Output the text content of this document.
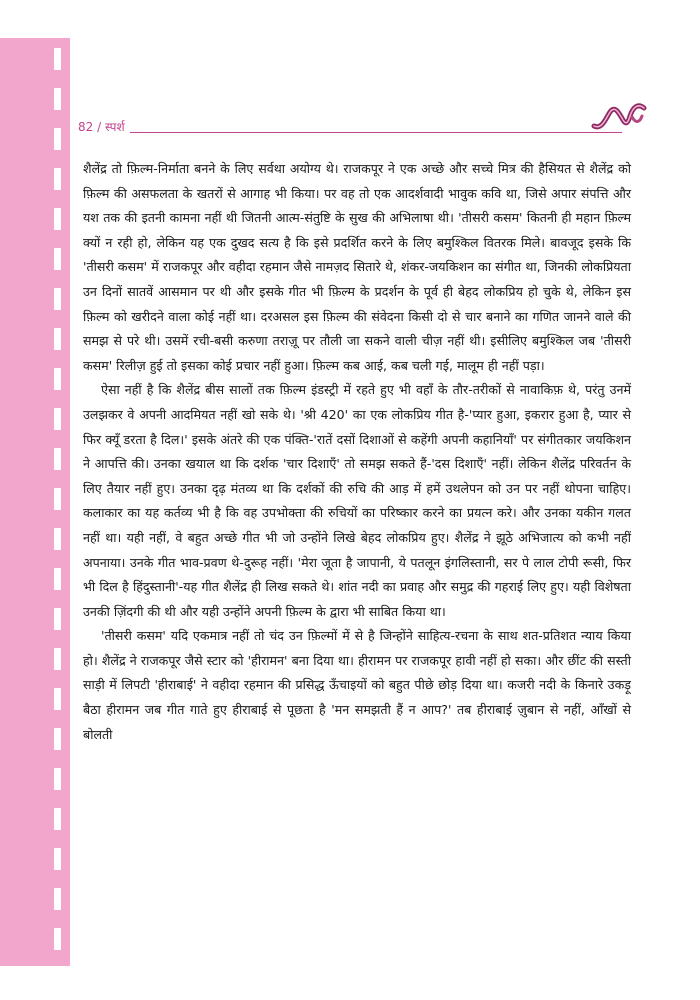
82 / स्पर्श

शैलेंद्र तो फ़िल्म-निर्माता बनने के लिए सर्वथा अयोग्य थे। राजकपूर ने एक अच्छे और सच्चे मित्र की हैसियत से शैलेंद्र को फ़िल्म की असफलता के खतरों से आगाह भी किया। पर वह तो एक आदर्शवादी भावुक कवि था, जिसे अपार संपत्ति और यश तक की इतनी कामना नहीं थी जितनी आत्म-संतुष्टि के सुख की अभिलाषा थी। 'तीसरी कसम' कितनी ही महान फ़िल्म क्यों न रही हो, लेकिन यह एक दुखद सत्य है कि इसे प्रदर्शित करने के लिए बमुश्किल वितरक मिले। बावजूद इसके कि 'तीसरी कसम' में राजकपूर और वहीदा रहमान जैसे नामज़द सितारे थे, शंकर-जयकिशन का संगीत था, जिनकी लोकप्रियता उन दिनों सातवें आसमान पर थी और इसके गीत भी फ़िल्म के प्रदर्शन के पूर्व ही बेहद लोकप्रिय हो चुके थे, लेकिन इस फ़िल्म को खरीदने वाला कोई नहीं था। दरअसल इस फ़िल्म की संवेदना किसी दो से चार बनाने का गणित जानने वाले की समझ से परे थी। उसमें रची-बसी करुणा तराज़ू पर तौली जा सकने वाली चीज़ नहीं थी। इसीलिए बमुश्किल जब 'तीसरी कसम' रिलीज़ हुई तो इसका कोई प्रचार नहीं हुआ। फ़िल्म कब आई, कब चली गई, मालूम ही नहीं पड़ा।

ऐसा नहीं है कि शैलेंद्र बीस सालों तक फ़िल्म इंडस्ट्री में रहते हुए भी वहाँ के तौर-तरीकों से नावाकिफ़ थे, परंतु उनमें उलझकर वे अपनी आदमियत नहीं खो सके थे। 'श्री 420' का एक लोकप्रिय गीत है-'प्यार हुआ, इकरार हुआ है, प्यार से फिर क्यूँ डरता है दिल।' इसके अंतरे की एक पंक्ति-'रातें दसों दिशाओं से कहेंगी अपनी कहानियाँ' पर संगीतकार जयकिशन ने आपत्ति की। उनका खयाल था कि दर्शक 'चार दिशाएँ' तो समझ सकते हैं-'दस दिशाएँ' नहीं। लेकिन शैलेंद्र परिवर्तन के लिए तैयार नहीं हुए। उनका दृढ़ मंतव्य था कि दर्शकों की रुचि की आड़ में हमें उथलेपन को उन पर नहीं थोपना चाहिए। कलाकार का यह कर्तव्य भी है कि वह उपभोक्ता की रुचियों का परिष्कार करने का प्रयत्न करे। और उनका यकीन गलत नहीं था। यही नहीं, वे बहुत अच्छे गीत भी जो उन्होंने लिखे बेहद लोकप्रिय हुए। शैलेंद्र ने झूठे अभिजात्य को कभी नहीं अपनाया। उनके गीत भाव-प्रवण थे-दुरूह नहीं। 'मेरा जूता है जापानी, ये पतलून इंगलिस्तानी, सर पे लाल टोपी रूसी, फिर भी दिल है हिंदुस्तानी'-यह गीत शैलेंद्र ही लिख सकते थे। शांत नदी का प्रवाह और समुद्र की गहराई लिए हुए। यही विशेषता उनकी ज़िंदगी की थी और यही उन्होंने अपनी फ़िल्म के द्वारा भी साबित किया था।

'तीसरी कसम' यदि एकमात्र नहीं तो चंद उन फ़िल्मों में से है जिन्होंने साहित्य-रचना के साथ शत-प्रतिशत न्याय किया हो। शैलेंद्र ने राजकपूर जैसे स्टार को 'हीरामन' बना दिया था। हीरामन पर राजकपूर हावी नहीं हो सका। और छींट की सस्ती साड़ी में लिपटी 'हीराबाई' ने वहीदा रहमान की प्रसिद्ध ऊँचाइयों को बहुत पीछे छोड़ दिया था। कजरी नदी के किनारे उकड़ू बैठा हीरामन जब गीत गाते हुए हीराबाई से पूछता है 'मन समझती हैं न आप?' तब हीराबाई ज़ुबान से नहीं, आँखों से बोलती
